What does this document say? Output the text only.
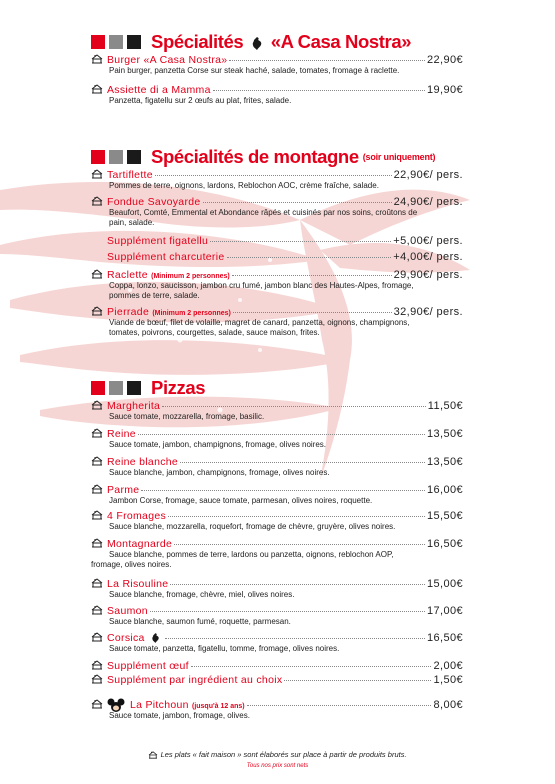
Spécialités «A Casa Nostra»
Burger «A Casa Nostra»	22,90€
Pain burger, panzetta Corse sur steak haché, salade, tomates, fromage à raclette.
Assiette di a Mamma	19,90€
Panzetta, figatellu sur 2 œufs au plat, frites, salade.
Spécialités de montagne (soir uniquement)
Tartiflette	22,90€/ pers.
Pommes de terre, oignons, lardons, Reblochon AOC, crème fraîche, salade.
Fondue Savoyarde	24,90€/ pers.
Beaufort, Comté, Emmental et Abondance râpés et cuisinés par nos soins, croûtons de
pain, salade.
Supplément figatellu	+5,00€/ pers.
Supplément charcuterie	+4,00€/ pers.
Raclette (Minimum 2 personnes)	29,90€/ pers.
Coppa, lonzo, saucisson, jambon cru fumé, jambon blanc des Hautes-Alpes, fromage,
pommes de terre, salade.
Pierrade (Minimum 2 personnes)	32,90€/ pers.
Viande de bœuf, filet de volaille, magret de canard, panzetta, oignons, champignons,
tomates, poivrons, courgettes, salade, sauce maison, frites.
Pizzas
Margherita	11,50€
Sauce tomate, mozzarella, fromage, basilic.
Reine	13,50€
Sauce tomate, jambon, champignons, fromage, olives noires.
Reine blanche	13,50€
Sauce blanche, jambon, champignons, fromage, olives noires.
Parme	16,00€
Jambon Corse, fromage, sauce tomate, parmesan, olives noires, roquette.
4 Fromages	15,50€
Sauce blanche, mozzarella, roquefort, fromage de chèvre, gruyère, olives noires.
Montagnarde	16,50€
Sauce blanche, pommes de terre, lardons ou panzetta, oignons, reblochon AOP,
fromage, olives noires.
La Risouline	15,00€
Sauce blanche, fromage, chèvre, miel, olives noires.
Saumon	17,00€
Sauce blanche, saumon fumé, roquette, parmesan.
Corsica	16,50€
Sauce tomate, panzetta, figatellu, tomme, fromage, olives noires.
Supplément œuf	2,00€
Supplément par ingrédient au choix	1,50€
La Pitchoun (jusqu'à 12 ans)	8,00€
Sauce tomate, jambon, fromage, olives.
Les plats « fait maison » sont élaborés sur place à partir de produits bruts.
Tous nos prix sont nets
